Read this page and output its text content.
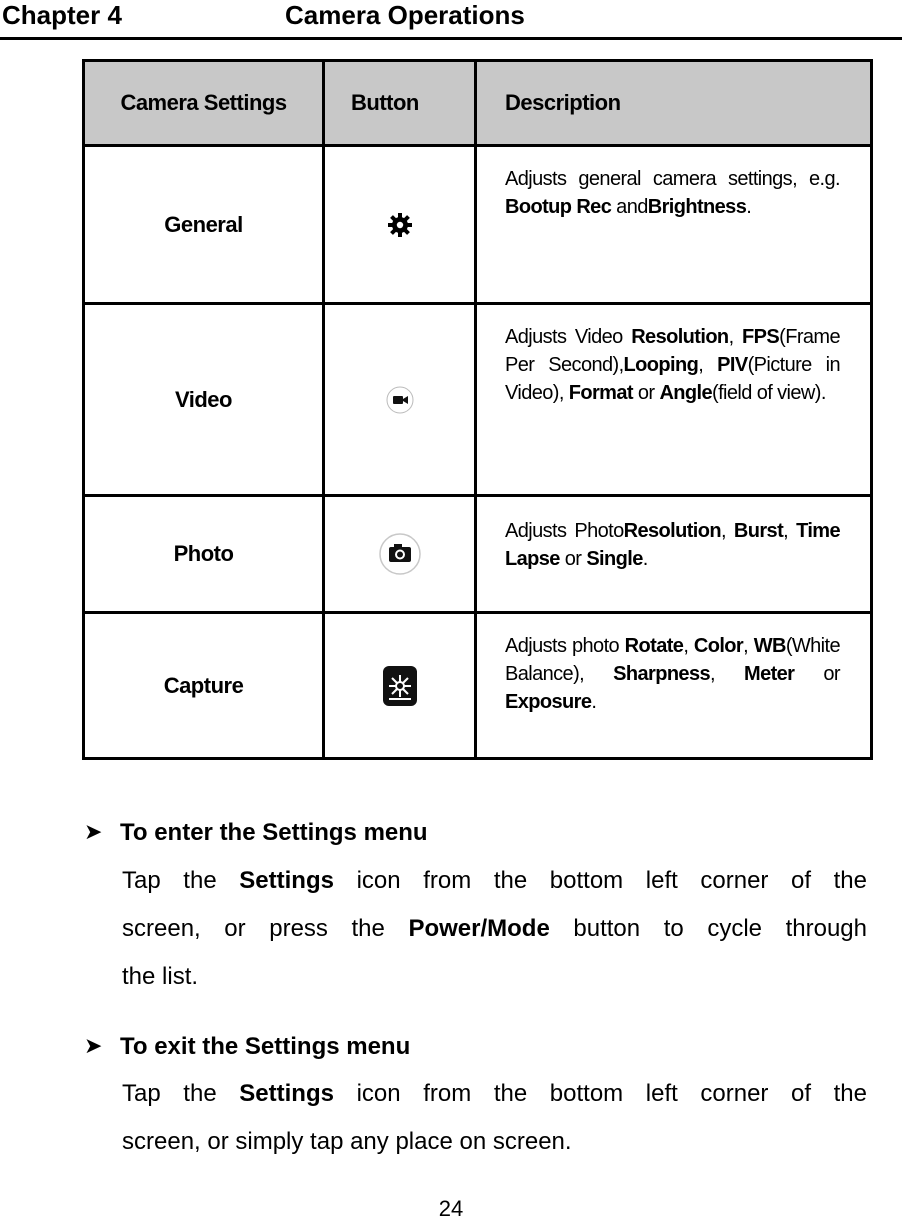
Chapter 4	Camera Operations
Camera Settings	Button	Description
General		Adjusts general camera settings, e.g. Bootup Rec andBrightness.
Video		Adjusts Video Resolution, FPS(Frame Per Second),Looping, PIV(Picture in Video), Format or Angle(field of view).
Photo		Adjusts PhotoResolution, Burst, Time Lapse or Single.
Capture		Adjusts photo Rotate, Color, WB(White Balance), Sharpness, Meter or Exposure.
➤ To enter the Settings menu
Tap the Settings icon from the bottom left corner of the
screen, or press the Power/Mode button to cycle through
the list.
➤ To exit the Settings menu
Tap the Settings icon from the bottom left corner of the
screen, or simply tap any place on screen.
24
